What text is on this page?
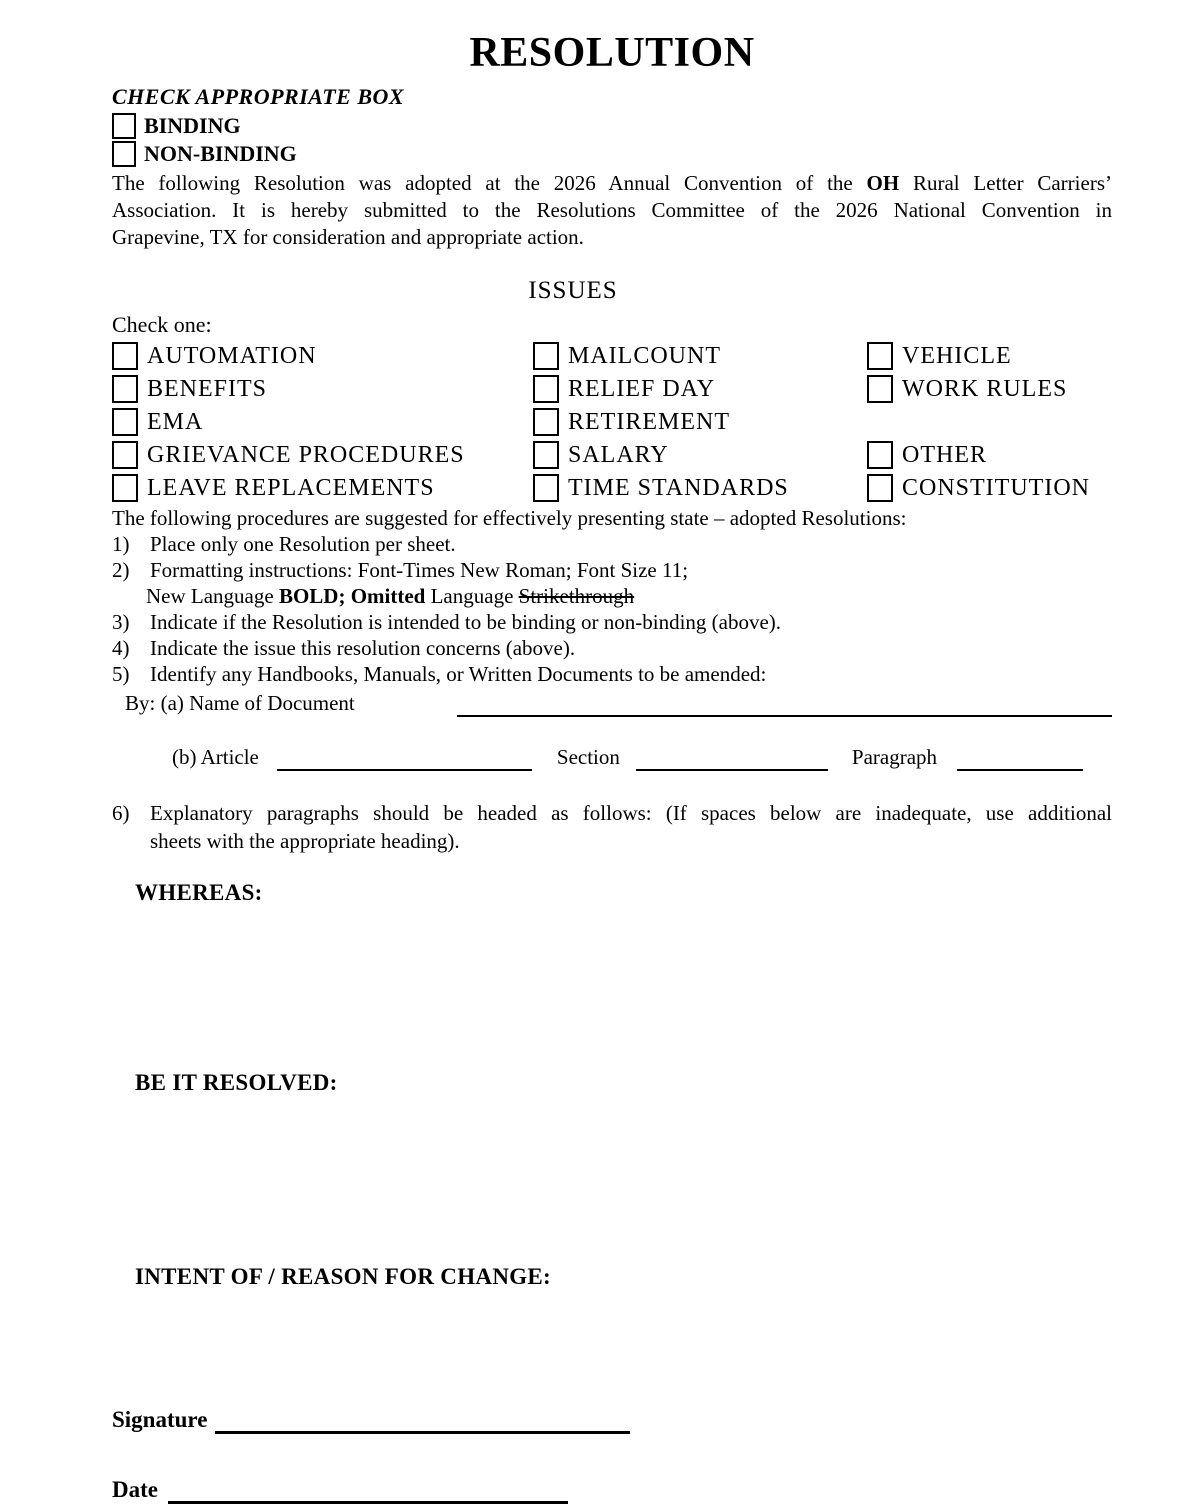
RESOLUTION
CHECK APPROPRIATE BOX
BINDING
NON-BINDING
The following Resolution was adopted at the 2026 Annual Convention of the OH Rural Letter Carriers’
Association. It is hereby submitted to the Resolutions Committee of the 2026 National Convention in
Grapevine, TX for consideration and appropriate action.
ISSUES
Check one:
AUTOMATION	MAILCOUNT	VEHICLE
BENEFITS	RELIEF DAY	WORK RULES
EMA	RETIREMENT
GRIEVANCE PROCEDURES	SALARY	OTHER
LEAVE REPLACEMENTS	TIME STANDARDS	CONSTITUTION
The following procedures are suggested for effectively presenting state – adopted Resolutions:
1) Place only one Resolution per sheet.
2) Formatting instructions: Font-Times New Roman; Font Size 11;
New Language BOLD; Omitted Language Strikethrough
3) Indicate if the Resolution is intended to be binding or non-binding (above).
4) Indicate the issue this resolution concerns (above).
5) Identify any Handbooks, Manuals, or Written Documents to be amended:
By: (a) Name of Document
(b) Article	Section	Paragraph
6) Explanatory paragraphs should be headed as follows: (If spaces below are inadequate, use additional
sheets with the appropriate heading).
WHEREAS:
BE IT RESOLVED:
INTENT OF / REASON FOR CHANGE:
Signature
Date
